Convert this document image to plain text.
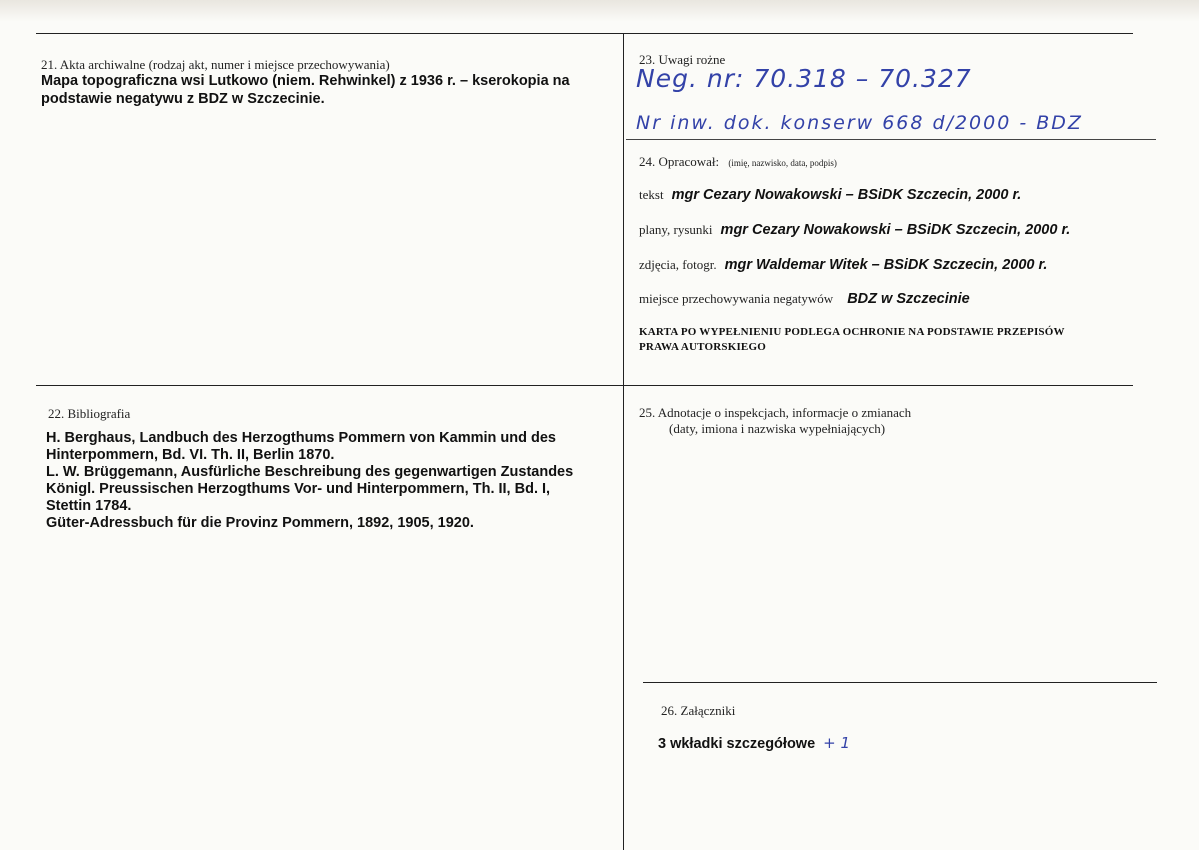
21. Akta archiwalne (rodzaj akt, numer i miejsce przechowywania)
Mapa topograficzna wsi Lutkowo (niem. Rehwinkel) z 1936 r. – kserokopia na
podstawie negatywu z BDZ w Szczecinie.
22. Bibliografia
H. Berghaus, Landbuch des Herzogthums Pommern von Kammin und des
Hinterpommern, Bd. VI. Th. II, Berlin 1870.
L. W. Brüggemann, Ausfürliche Beschreibung des gegenwartigen Zustandes
Königl. Preussischen Herzogthums Vor- und Hinterpommern, Th. II, Bd. I,
Stettin 1784.
Güter-Adressbuch für die Provinz Pommern, 1892, 1905, 1920.
23. Uwagi rożne
Neg. nr: 70.318 – 70.327
Nr inw. dok. konserw 668 d/2000 - BDZ
24. Opracował: (imię, nazwisko, data, podpis)
tekst mgr Cezary Nowakowski – BSiDK Szczecin, 2000 r.
plany, rysunki mgr Cezary Nowakowski – BSiDK Szczecin, 2000 r.
zdjęcia, fotogr. mgr Waldemar Witek – BSiDK Szczecin, 2000 r.
miejsce przechowywania negatywów BDZ w Szczecinie
KARTA PO WYPEŁNIENIU PODLEGA OCHRONIE NA PODSTAWIE PRZEPISÓW
PRAWA AUTORSKIEGO
25. Adnotacje o inspekcjach, informacje o zmianach
(daty, imiona i nazwiska wypełniających)
26. Załączniki
3 wkładki szczegółowe + 1
